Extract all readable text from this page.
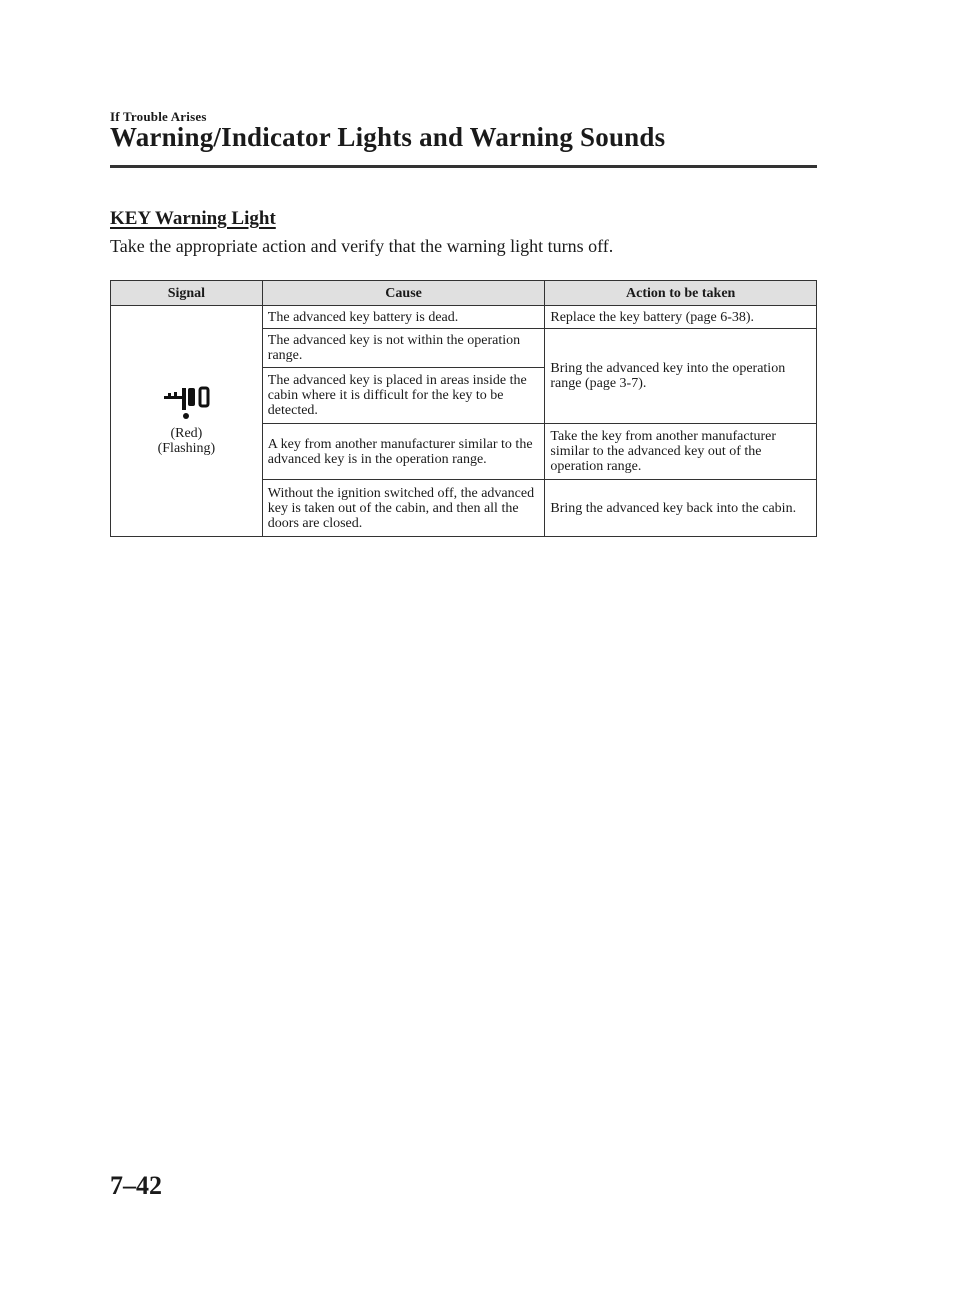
If Trouble Arises
Warning/Indicator Lights and Warning Sounds
KEY Warning Light
Take the appropriate action and verify that the warning light turns off.
Signal	Cause	Action to be taken

(Red)
(Flashing)	The advanced key battery is dead.	Replace the key battery (page 6-38).

	The advanced key is not within the operation range.	Bring the advanced key into the operation range (page 3-7).

	The advanced key is placed in areas inside the cabin where it is difficult for the key to be detected.	

	A key from another manufacturer similar to the advanced key is in the operation range.	Take the key from another manufacturer similar to the advanced key out of the operation range.

	Without the ignition switched off, the advanced key is taken out of the cabin, and then all the doors are closed.	Bring the advanced key back into the cabin.
7–42
